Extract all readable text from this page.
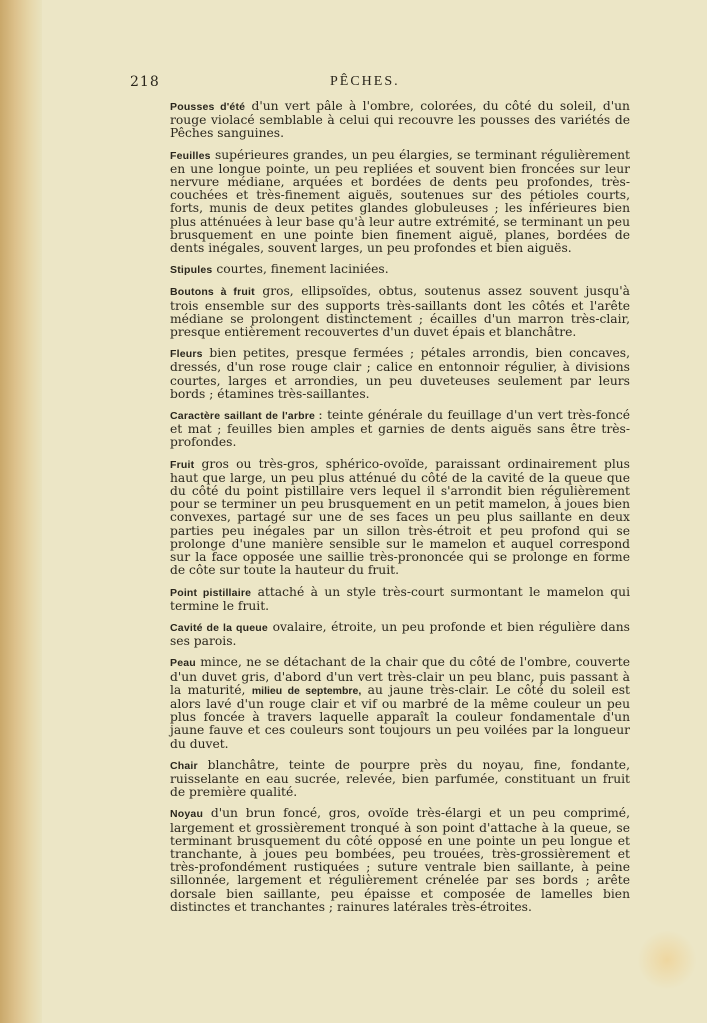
218	PÊCHES.

Pousses d'été d'un vert pâle à l'ombre, colorées, du côté du soleil, d'un rouge violacé semblable à celui qui recouvre les pousses des variétés de Pêches sanguines.

Feuilles supérieures grandes, un peu élargies, se terminant régulièrement en une longue pointe, un peu repliées et souvent bien froncées sur leur nervure médiane, arquées et bordées de dents peu profondes, très-couchées et très-finement aiguës, soutenues sur des pétioles courts, forts, munis de deux petites glandes globuleuses ; les inférieures bien plus atténuées à leur base qu'à leur autre extrémité, se terminant un peu brusquement en une pointe bien finement aiguë, planes, bordées de dents inégales, souvent larges, un peu profondes et bien aiguës.

Stipules courtes, finement laciniées.

Boutons à fruit gros, ellipsoïdes, obtus, soutenus assez souvent jusqu'à trois ensemble sur des supports très-saillants dont les côtés et l'arête médiane se prolongent distinctement ; écailles d'un marron très-clair, presque entièrement recouvertes d'un duvet épais et blanchâtre.

Fleurs bien petites, presque fermées ; pétales arrondis, bien concaves, dressés, d'un rose rouge clair ; calice en entonnoir régulier, à divisions courtes, larges et arrondies, un peu duveteuses seulement par leurs bords ; étamines très-saillantes.

Caractère saillant de l'arbre : teinte générale du feuillage d'un vert très-foncé et mat ; feuilles bien amples et garnies de dents aiguës sans être très-profondes.

Fruit gros ou très-gros, sphérico-ovoïde, paraissant ordinairement plus haut que large, un peu plus atténué du côté de la cavité de la queue que du côté du point pistillaire vers lequel il s'arrondit bien régulièrement pour se terminer un peu brusquement en un petit mamelon, à joues bien convexes, partagé sur une de ses faces un peu plus saillante en deux parties peu inégales par un sillon très-étroit et peu profond qui se prolonge d'une manière sensible sur le mamelon et auquel correspond sur la face opposée une saillie très-prononcée qui se prolonge en forme de côte sur toute la hauteur du fruit.

Point pistillaire attaché à un style très-court surmontant le mamelon qui termine le fruit.

Cavité de la queue ovalaire, étroite, un peu profonde et bien régulière dans ses parois.

Peau mince, ne se détachant de la chair que du côté de l'ombre, couverte d'un duvet gris, d'abord d'un vert très-clair un peu blanc, puis passant à la maturité, milieu de septembre, au jaune très-clair. Le côté du soleil est alors lavé d'un rouge clair et vif ou marbré de la même couleur un peu plus foncée à travers laquelle apparaît la couleur fondamentale d'un jaune fauve et ces couleurs sont toujours un peu voilées par la longueur du duvet.

Chair blanchâtre, teinte de pourpre près du noyau, fine, fondante, ruisselante en eau sucrée, relevée, bien parfumée, constituant un fruit de première qualité.

Noyau d'un brun foncé, gros, ovoïde très-élargi et un peu comprimé, largement et grossièrement tronqué à son point d'attache à la queue, se terminant brusquement du côté opposé en une pointe un peu longue et tranchante, à joues peu bombées, peu trouées, très-grossièrement et très-profondément rustiquées ; suture ventrale bien saillante, à peine sillonnée, largement et régulièrement crénelée par ses bords ; arête dorsale bien saillante, peu épaisse et composée de lamelles bien distinctes et tranchantes ; rainures latérales très-étroites.
